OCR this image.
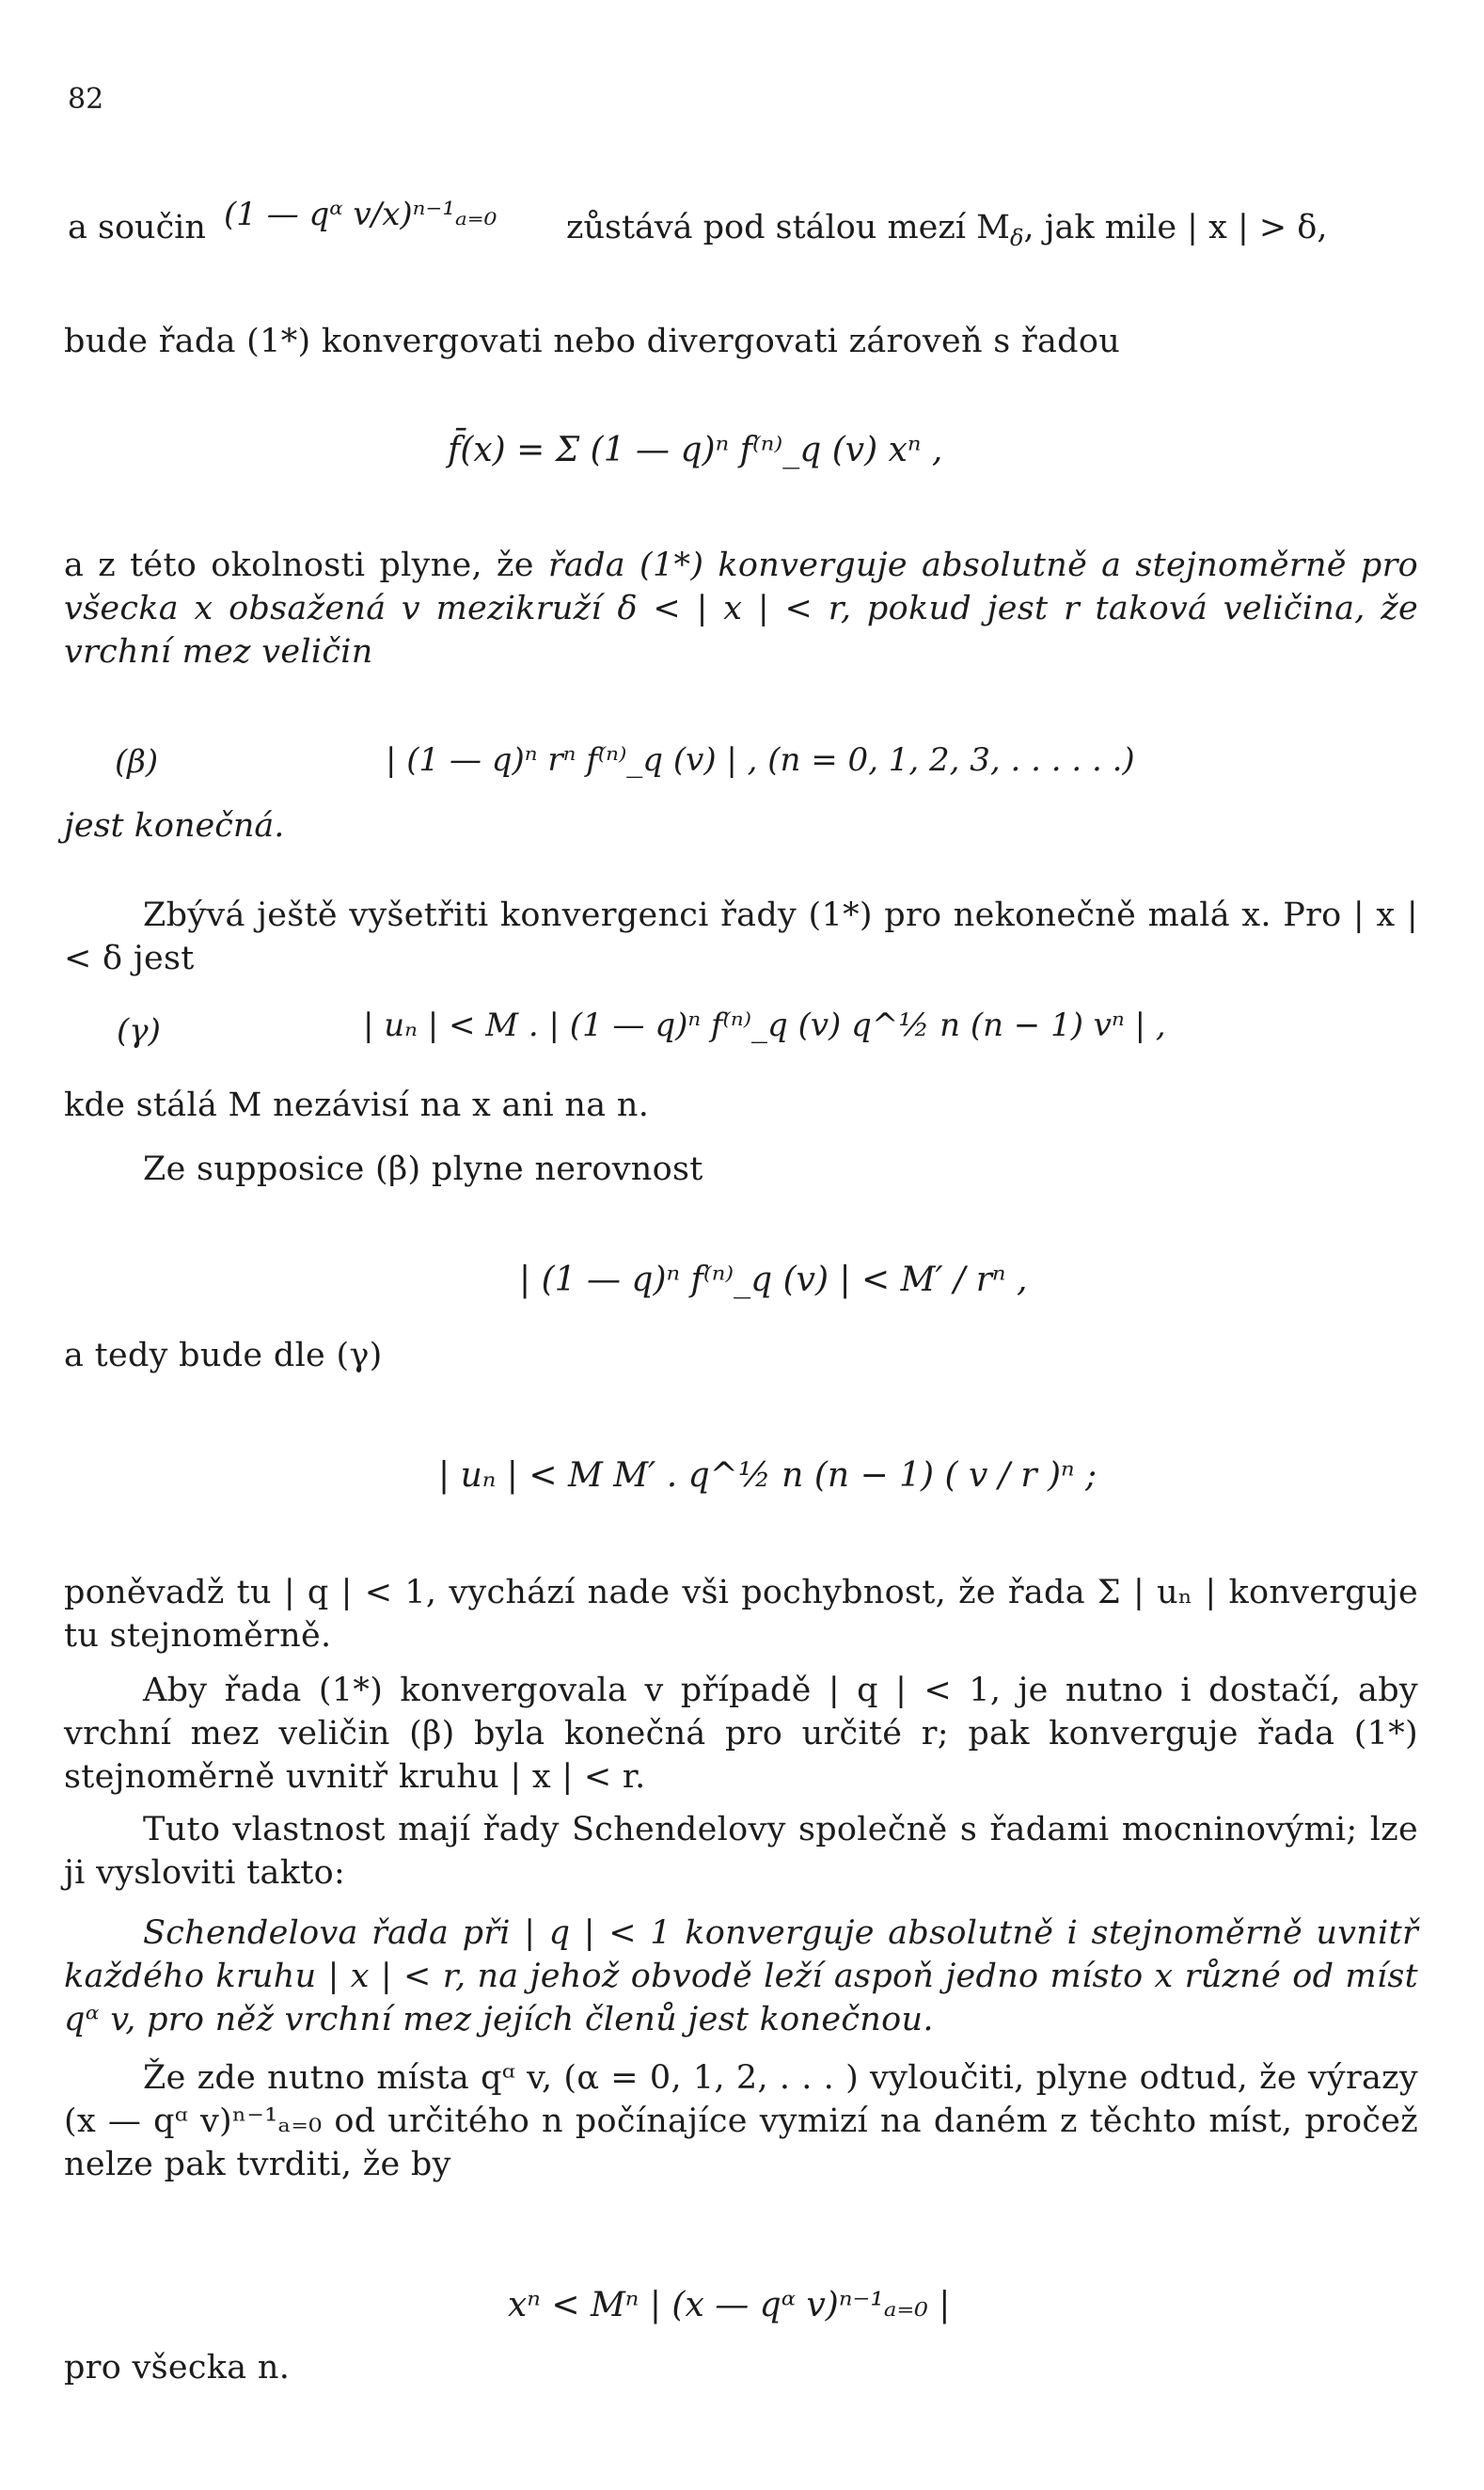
82
a součin (1 — qᵅ v/x)ⁿ⁻¹ₐ₌₀ zůstává pod stálou mezí $M_\delta$, jak mile | x | > δ,
bude řada (1*) konvergovati nebo divergovati zároveň s řadou
f̄(x) = Σ (1 — q)ⁿ f⁽ⁿ⁾_q (v) xⁿ ,
a z této okolnosti plyne, že řada (1*) konverguje absolutně a stejnoměrně pro všecka x obsažená v mezikruží δ < | x | < r, pokud jest r taková veličina, že vrchní mez veličin
(β)	| (1 — q)ⁿ rⁿ f⁽ⁿ⁾_q (v) | , (n = 0, 1, 2, 3, . . . . . .)
jest konečná.
Zbývá ještě vyšetřiti konvergenci řady (1*) pro nekonečně malá x. Pro | x | < δ jest
(γ)	| uₙ | < M . | (1 — q)ⁿ f⁽ⁿ⁾_q (v) q^½ n (n − 1) vⁿ | ,
kde stálá M nezávisí na x ani na n.
Ze supposice (β) plyne nerovnost
| (1 — q)ⁿ f⁽ⁿ⁾_q (v) | < M′ / rⁿ ,
a tedy bude dle (γ)
| uₙ | < M M′ . q^½ n (n − 1) ( v / r )ⁿ ;
poněvadž tu | q | < 1, vychází nade vši pochybnost, že řada Σ | uₙ | konverguje tu stejnoměrně.
Aby řada (1*) konvergovala v případě | q | < 1, je nutno i dostačí, aby vrchní mez veličin (β) byla konečná pro určité r; pak konverguje řada (1*) stejnoměrně uvnitř kruhu | x | < r.
Tuto vlastnost mají řady Schendelovy společně s řadami mocninovými; lze ji vysloviti takto:
Schendelova řada při | q | < 1 konverguje absolutně i stejnoměrně uvnitř každého kruhu | x | < r, na jehož obvodě leží aspoň jedno místo x různé od míst qᵅ v, pro něž vrchní mez jejích členů jest konečnou.
Že zde nutno místa qᵅ v, (α = 0, 1, 2, . . . ) vyloučiti, plyne odtud, že výrazy (x — qᵅ v)ⁿ⁻¹ₐ₌₀ od určitého n počínajíce vymizí na daném z těchto míst, pročež nelze pak tvrditi, že by
xⁿ < Mⁿ | (x — qᵅ v)ⁿ⁻¹ₐ₌₀ |
pro všecka n.
